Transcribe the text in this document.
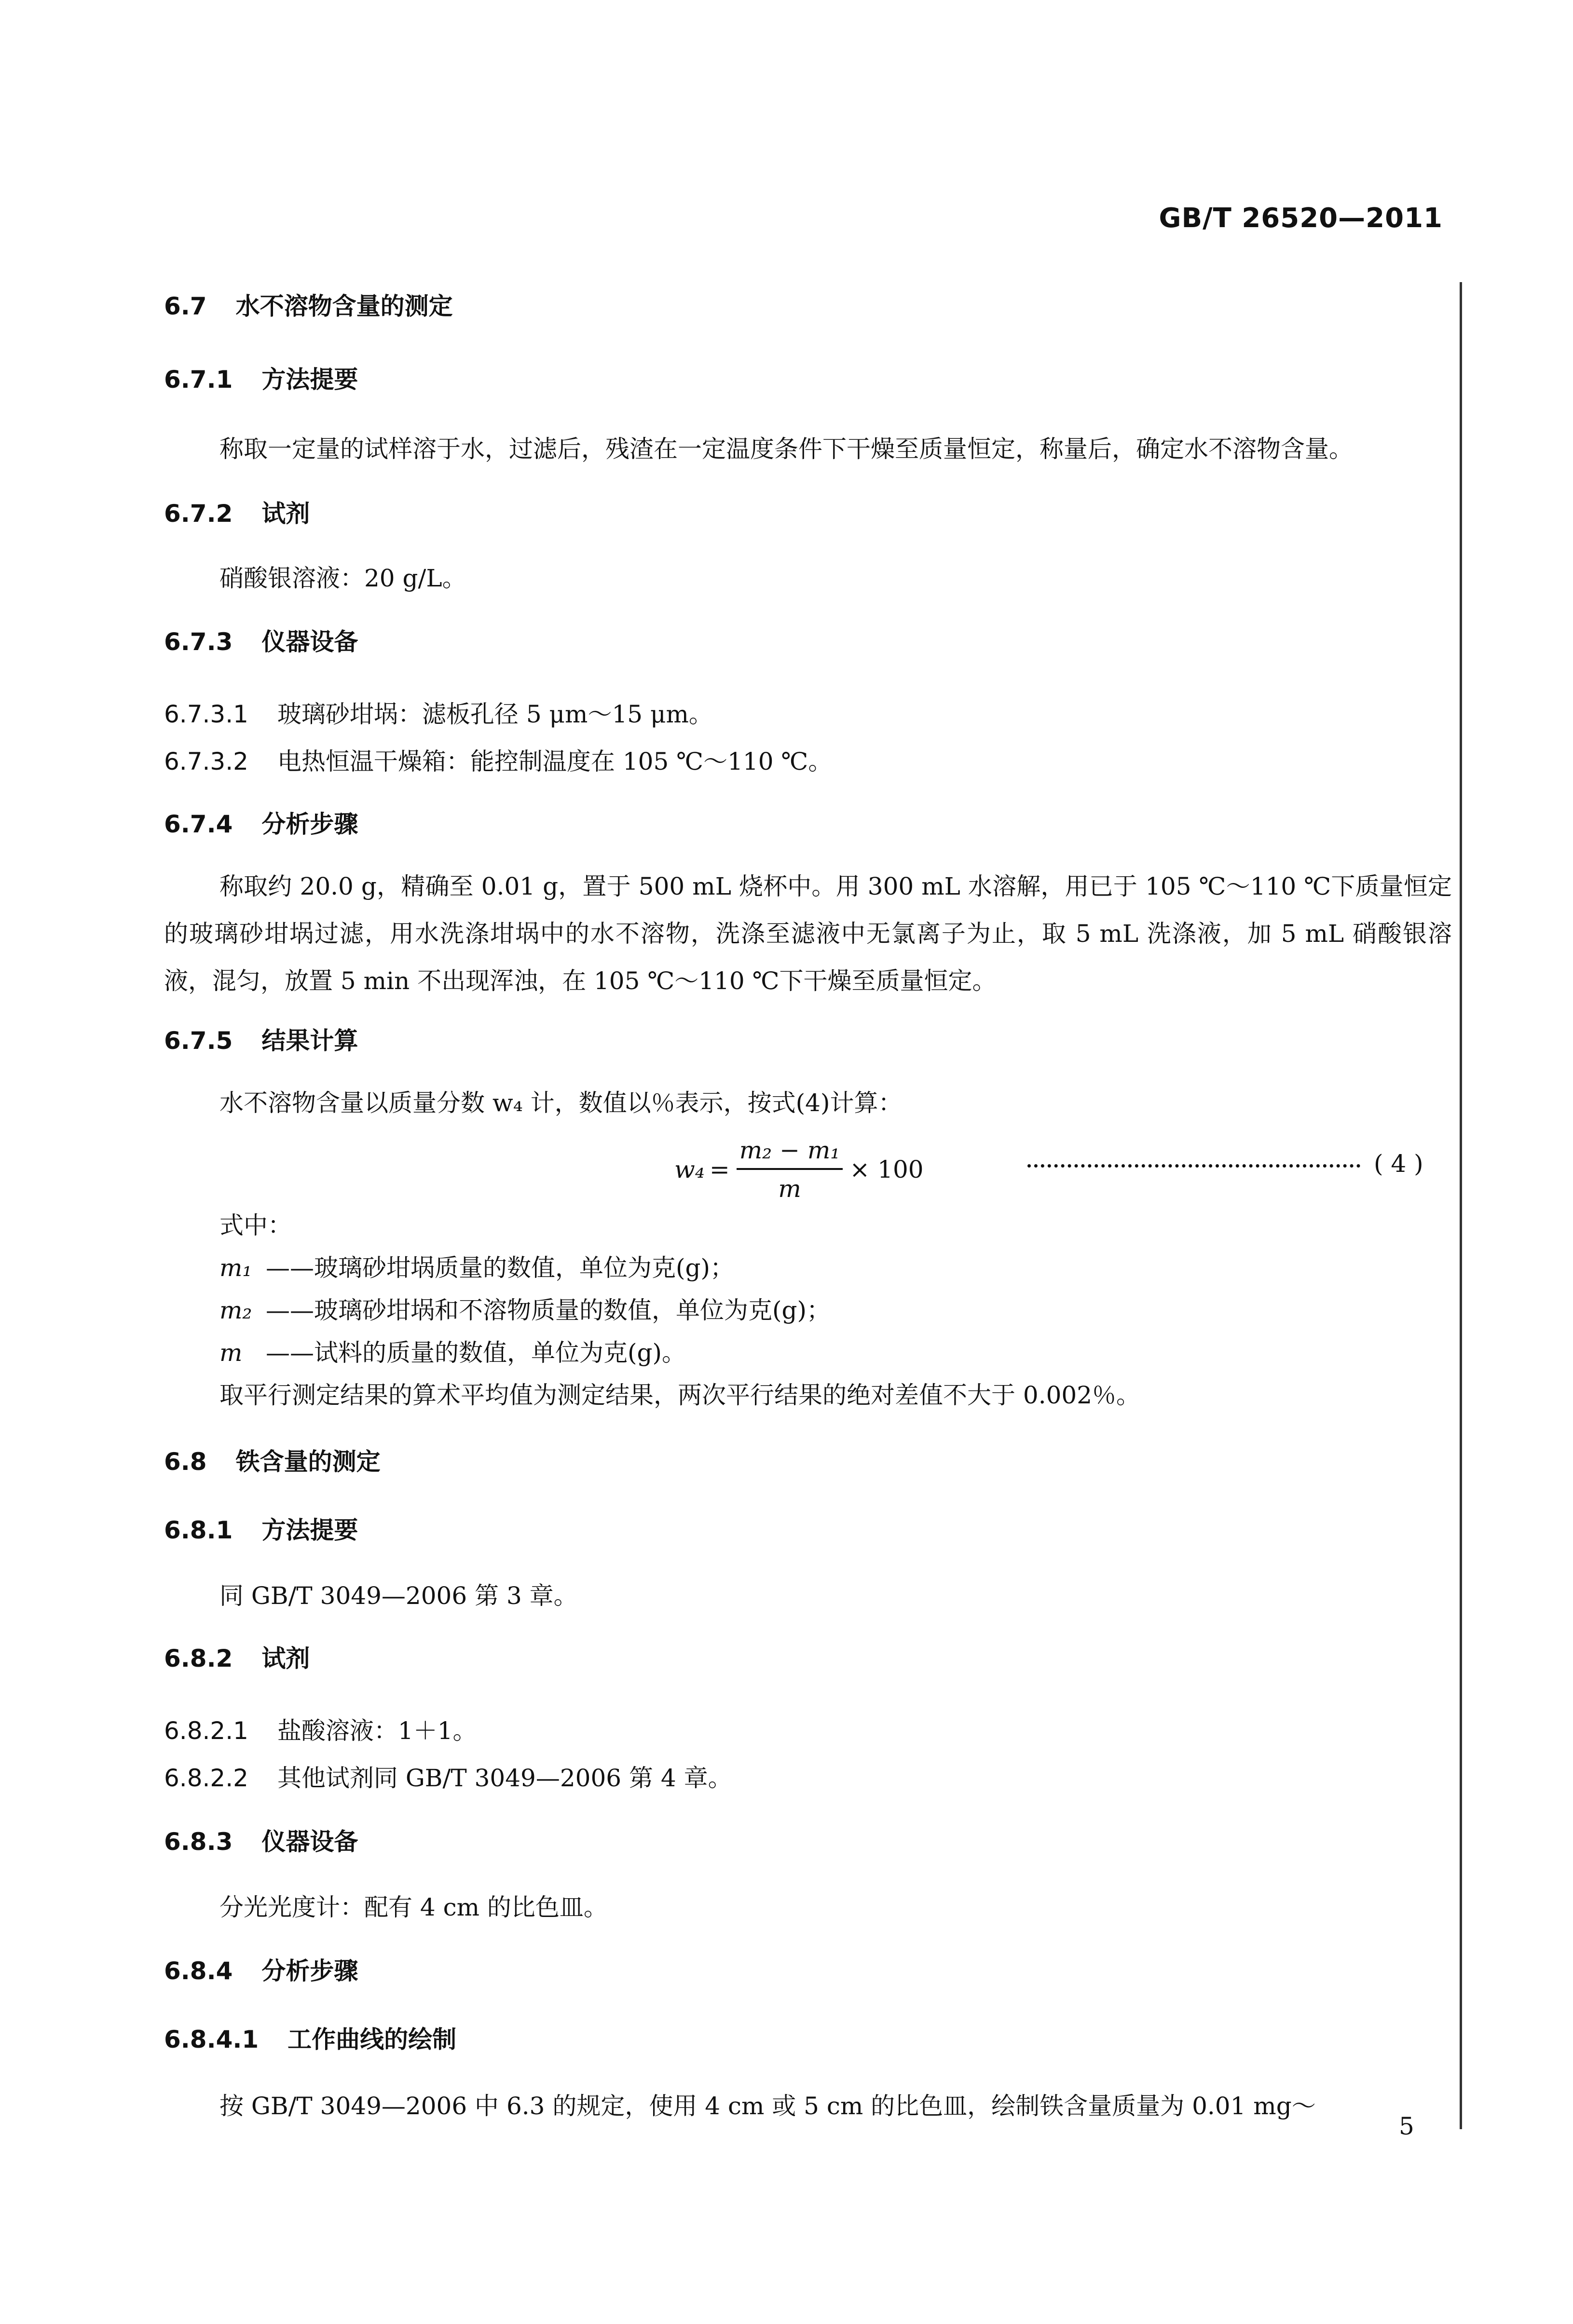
GB/T 26520—2011
6.7 水不溶物含量的测定
6.7.1 方法提要
称取一定量的试样溶于水，过滤后，残渣在一定温度条件下干燥至质量恒定，称量后，确定水不溶物含量。
6.7.2 试剂
硝酸银溶液：20 g/L。
6.7.3 仪器设备
6.7.3.1 玻璃砂坩埚：滤板孔径 5 μm～15 μm。
6.7.3.2 电热恒温干燥箱：能控制温度在 105 ℃～110 ℃。
6.7.4 分析步骤
称取约 20.0 g，精确至 0.01 g，置于 500 mL 烧杯中。用 300 mL 水溶解，用已于 105 ℃～110 ℃下质量恒定的玻璃砂坩埚过滤，用水洗涤坩埚中的水不溶物，洗涤至滤液中无氯离子为止，取 5 mL 洗涤液，加 5 mL 硝酸银溶液，混匀，放置 5 min 不出现浑浊，在 105 ℃～110 ℃下干燥至质量恒定。
6.7.5 结果计算
水不溶物含量以质量分数 w₄ 计，数值以％表示，按式(4)计算：
$w_4 = \frac{\text{m₂ − m₁}}{m} \times 100$	( 4 )
式中：
m₁ ——玻璃砂坩埚质量的数值，单位为克(g)；
m₂ ——玻璃砂坩埚和不溶物质量的数值，单位为克(g)；
m ——试料的质量的数值，单位为克(g)。
取平行测定结果的算术平均值为测定结果，两次平行结果的绝对差值不大于 0.002％。
6.8 铁含量的测定
6.8.1 方法提要
同 GB/T 3049—2006 第 3 章。
6.8.2 试剂
6.8.2.1 盐酸溶液：1＋1。
6.8.2.2 其他试剂同 GB/T 3049—2006 第 4 章。
6.8.3 仪器设备
分光光度计：配有 4 cm 的比色皿。
6.8.4 分析步骤
6.8.4.1 工作曲线的绘制
按 GB/T 3049—2006 中 6.3 的规定，使用 4 cm 或 5 cm 的比色皿，绘制铁含量质量为 0.01 mg～
5
